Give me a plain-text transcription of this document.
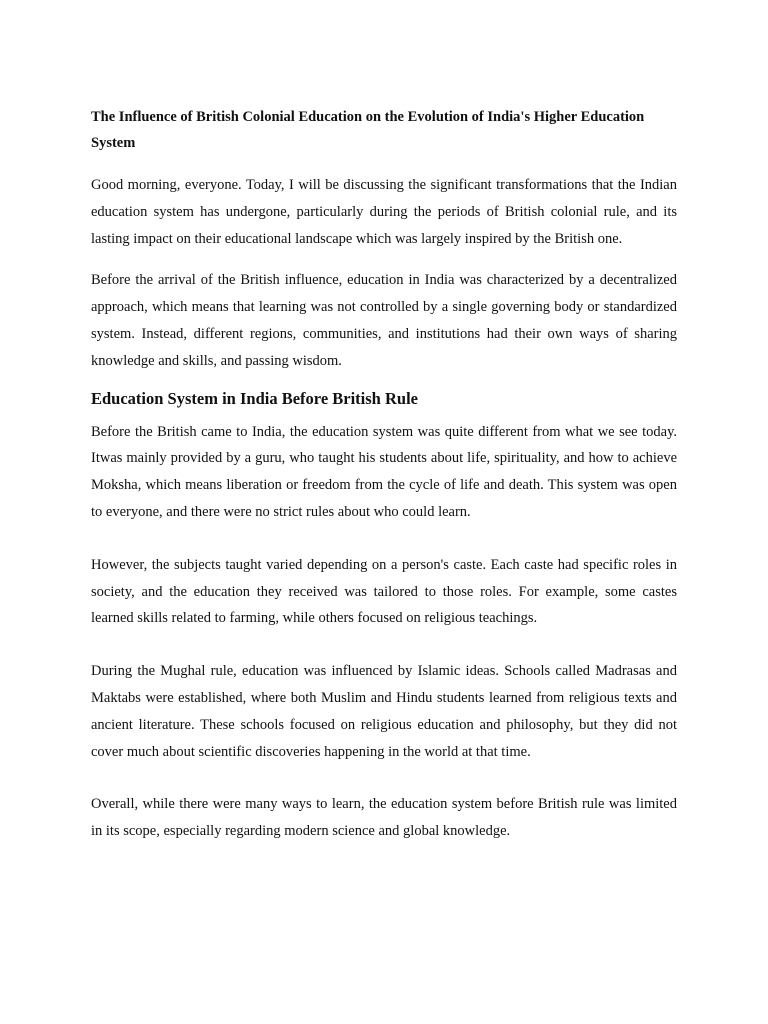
The Influence of British Colonial Education on the Evolution of India's Higher Education System

Good morning, everyone. Today, I will be discussing the significant transformations that the Indian education system has undergone, particularly during the periods of British colonial rule, and its lasting impact on their educational landscape which was largely inspired by the British one.

Before the arrival of the British influence, education in India was characterized by a decentralized approach, which means that learning was not controlled by a single governing body or standardized system. Instead, different regions, communities, and institutions had their own ways of sharing knowledge and skills, and passing wisdom.

Education System in India Before British Rule

Before the British came to India, the education system was quite different from what we see today. Itwas mainly provided by a guru, who taught his students about life, spirituality, and how to achieve Moksha, which means liberation or freedom from the cycle of life and death. This system was open to everyone, and there were no strict rules about who could learn.

However, the subjects taught varied depending on a person's caste. Each caste had specific roles in society, and the education they received was tailored to those roles. For example, some castes learned skills related to farming, while others focused on religious teachings.

During the Mughal rule, education was influenced by Islamic ideas. Schools called Madrasas and Maktabs were established, where both Muslim and Hindu students learned from religious texts and ancient literature. These schools focused on religious education and philosophy, but they did not cover much about scientific discoveries happening in the world at that time.

Overall, while there were many ways to learn, the education system before British rule was limited in its scope, especially regarding modern science and global knowledge.
